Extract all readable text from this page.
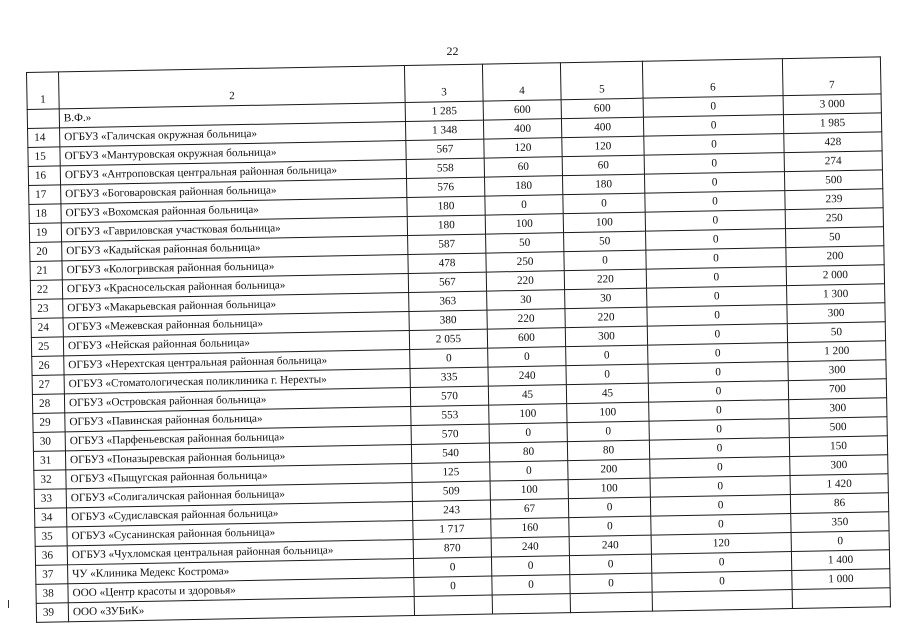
22
1	2	3	4	5	6	7
	В.Ф.»	1 285	600	600	0	3 000
14	ОГБУЗ «Галичская окружная больница»	1 348	400	400	0	1 985
15	ОГБУЗ «Мантуровская окружная больница»	567	120	120	0	428
16	ОГБУЗ «Антроповская центральная районная больница»	558	60	60	0	274
17	ОГБУЗ «Боговаровская районная больница»	576	180	180	0	500
18	ОГБУЗ «Вохомская районная больница»	180	0	0	0	239
19	ОГБУЗ «Гавриловская участковая больница»	180	100	100	0	250
20	ОГБУЗ «Кадыйская районная больница»	587	50	50	0	50
21	ОГБУЗ «Кологривская районная больница»	478	250	0	0	200
22	ОГБУЗ «Красносельская районная больница»	567	220	220	0	2 000
23	ОГБУЗ «Макарьевская районная больница»	363	30	30	0	1 300
24	ОГБУЗ «Межевская районная больница»	380	220	220	0	300
25	ОГБУЗ «Нейская районная больница»	2 055	600	300	0	50
26	ОГБУЗ «Нерехтская центральная районная больница»	0	0	0	0	1 200
27	ОГБУЗ «Стоматологическая поликлиника г. Нерехты»	335	240	0	0	300
28	ОГБУЗ «Островская районная больница»	570	45	45	0	700
29	ОГБУЗ «Павинская районная больница»	553	100	100	0	300
30	ОГБУЗ «Парфеньевская районная больница»	570	0	0	0	500
31	ОГБУЗ «Поназыревская районная больница»	540	80	80	0	150
32	ОГБУЗ «Пыщугская районная больница»	125	0	200	0	300
33	ОГБУЗ «Солигаличская районная больница»	509	100	100	0	1 420
34	ОГБУЗ «Судиславская районная больница»	243	67	0	0	86
35	ОГБУЗ «Сусанинская районная больница»	1 717	160	0	0	350
36	ОГБУЗ «Чухломская центральная районная больница»	870	240	240	120	0
37	ЧУ «Клиника Медекс Кострома»	0	0	0	0	1 400
38	ООО «Центр красоты и здоровья»	0	0	0	0	1 000
39	ООО «ЗУБиК»					
